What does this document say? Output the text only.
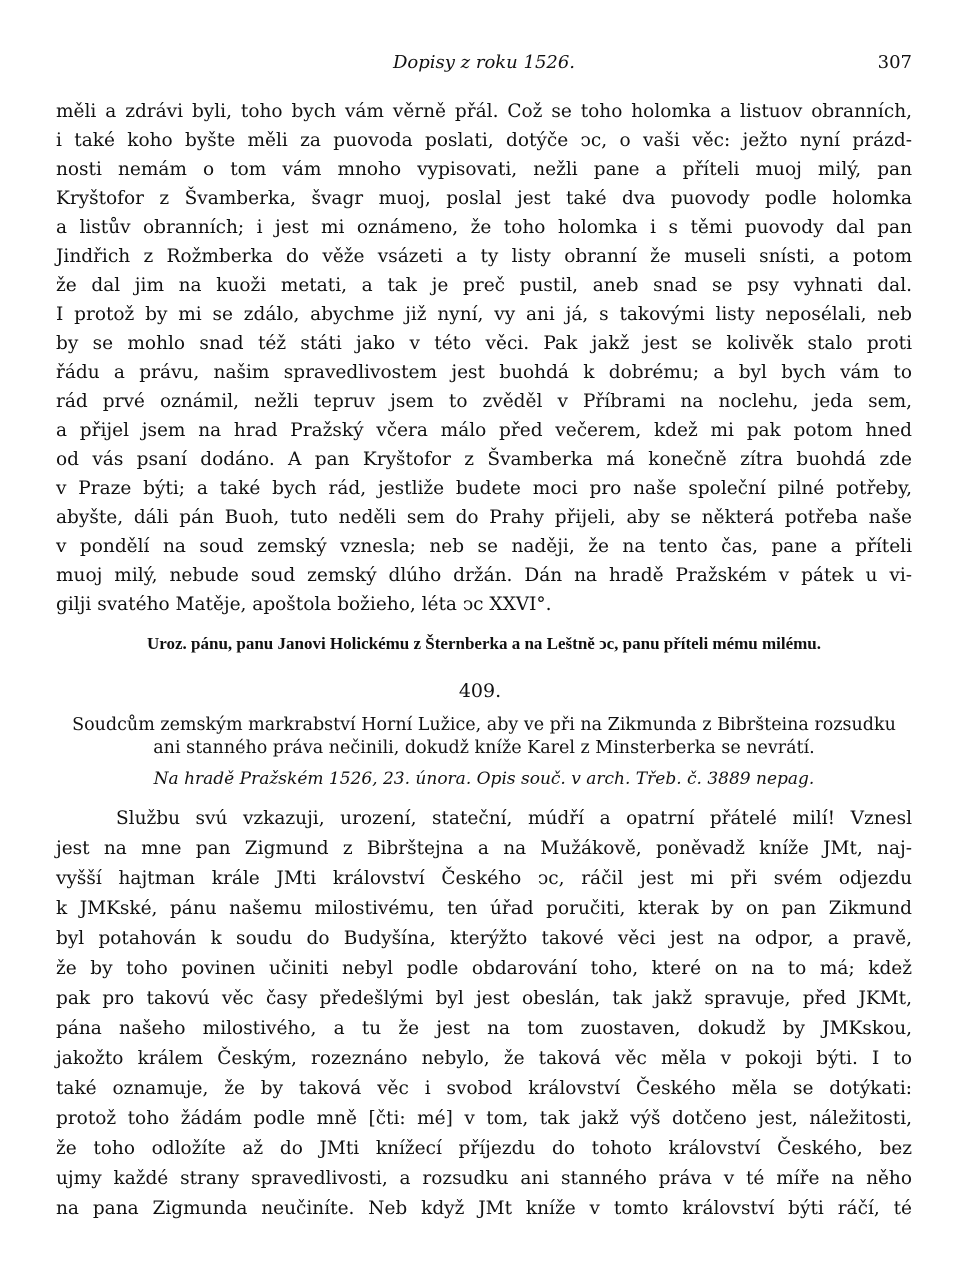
Dopisy z roku 1526.	307
měli a zdrávi byli, toho bych vám věrně přál. Což se toho holomka a listuov obranních,
i také koho byšte měli za puovoda poslati, dotýče ͻc, o vaši věc: ježto nyní prázd-
nosti nemám o tom vám mnoho vypisovati, nežli pane a příteli muoj milý, pan
Kryštofor z Švamberka, švagr muoj, poslal jest také dva puovody podle holomka
a listův obranních; i jest mi oznámeno, že toho holomka i s těmi puovody dal pan
Jindřich z Rožmberka do věže vsázeti a ty listy obranní že museli snísti, a potom
že dal jim na kuoži metati, a tak je preč pustil, aneb snad se psy vyhnati dal.
I protož by mi se zdálo, abychme již nyní, vy ani já, s takovými listy neposélali, neb
by se mohlo snad též státi jako v této věci. Pak jakž jest se kolivěk stalo proti
řádu a právu, našim spravedlivostem jest buohdá k dobrému; a byl bych vám to
rád prvé oznámil, nežli tepruv jsem to zvěděl v Příbrami na noclehu, jeda sem,
a přijel jsem na hrad Pražský včera málo před večerem, kdež mi pak potom hned
od vás psaní dodáno. A pan Kryštofor z Švamberka má konečně zítra buohdá zde
v Praze býti; a také bych rád, jestliže budete moci pro naše společní pilné potřeby,
abyšte, dáli pán Buoh, tuto neděli sem do Prahy přijeli, aby se některá potřeba naše
v pondělí na soud zemský vznesla; neb se naději, že na tento čas, pane a příteli
muoj milý, nebude soud zemský dlúho držán. Dán na hradě Pražském v pátek u vi-
gilji svatého Matěje, apoštola božieho, léta ͻc XXVI°.
Uroz. pánu, panu Janovi Holickému z Šternberka a na Leštně ͻc, panu příteli mému milému.
409.
Soudcům zemským markrabství Horní Lužice, aby ve při na Zikmunda z Bibršteina rozsudku
ani stanného práva nečinili, dokudž kníže Karel z Minsterberka se nevrátí.
Na hradě Pražském 1526, 23. února. Opis souč. v arch. Třeb. č. 3889 nepag.
Službu svú vzkazuji, urození, stateční, múdří a opatrní přátelé milí! Vznesl
jest na mne pan Zigmund z Bibrštejna a na Mužákově, poněvadž kníže JMt, naj-
vyšší hajtman krále JMti království Českého ͻc, ráčil jest mi při svém odjezdu
k JMKské, pánu našemu milostivému, ten úřad poručiti, kterak by on pan Zikmund
byl potahován k soudu do Budyšína, kterýžto takové věci jest na odpor, a pravě,
že by toho povinen učiniti nebyl podle obdarování toho, které on na to má; kdež
pak pro takovú věc časy předešlými byl jest obeslán, tak jakž spravuje, před JKMt,
pána našeho milostivého, a tu že jest na tom zuostaven, dokudž by JMKskou,
jakožto králem Českým, rozeznáno nebylo, že taková věc měla v pokoji býti. I to
také oznamuje, že by taková věc i svobod království Českého měla se dotýkati:
protož toho žádám podle mně [čti: mé] v tom, tak jakž výš dotčeno jest, náležitosti,
že toho odložíte až do JMti knížecí příjezdu do tohoto království Českého, bez
ujmy každé strany spravedlivosti, a rozsudku ani stanného práva v té míře na něho
na pana Zigmunda neučiníte. Neb když JMt kníže v tomto království býti ráčí, té
